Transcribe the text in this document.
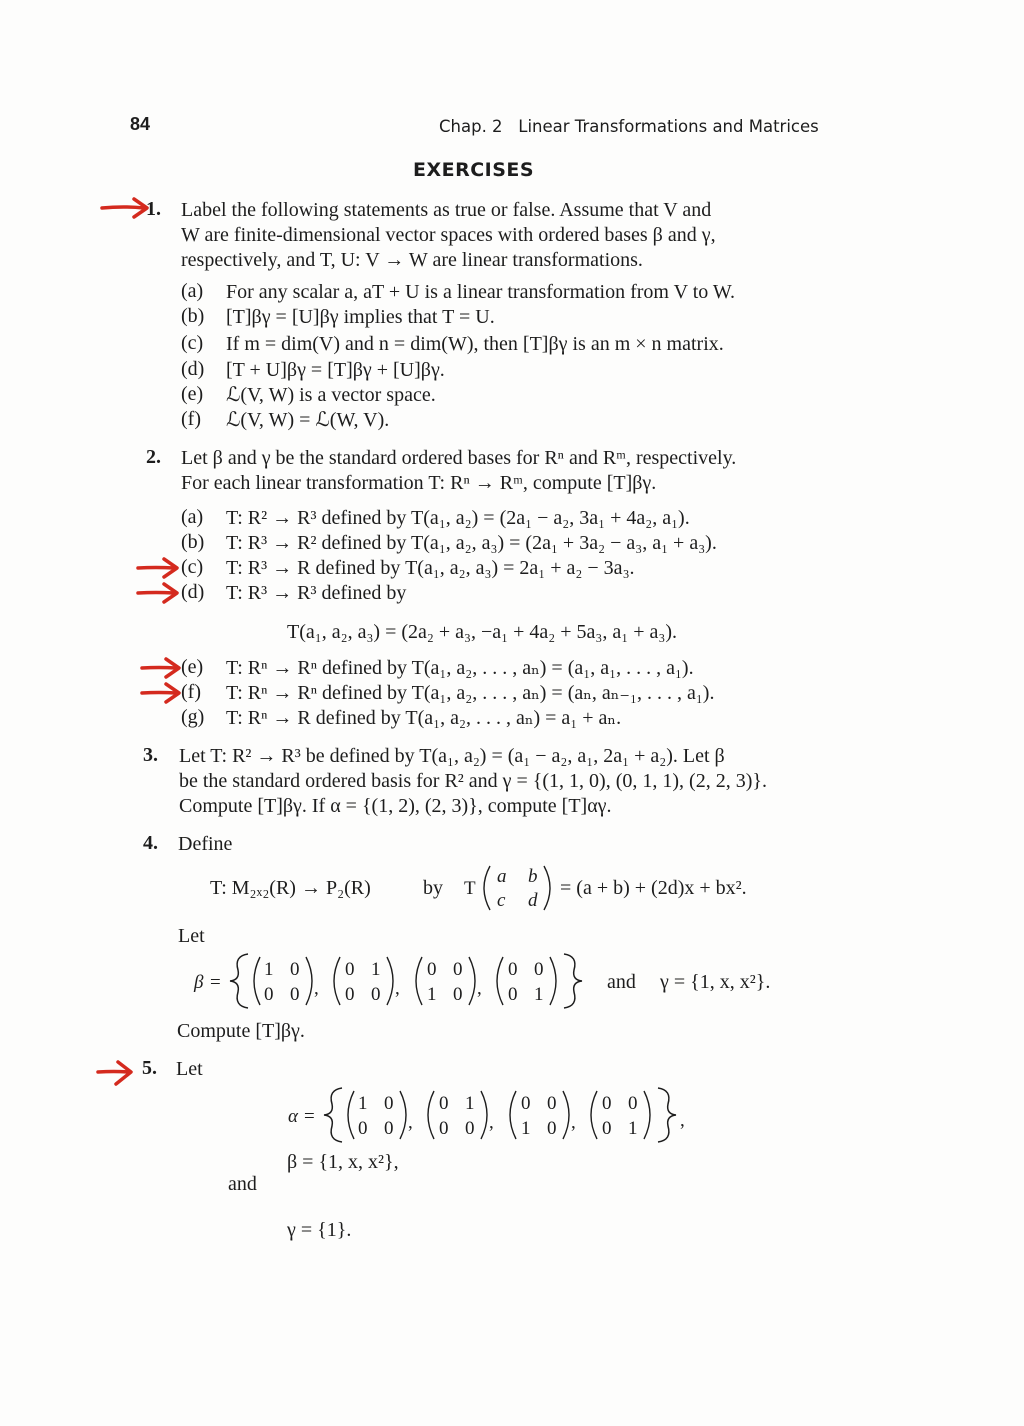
84	Chap. 2   Linear Transformations and Matrices
EXERCISES
1. Label the following statements as true or false. Assume that V and
W are finite-dimensional vector spaces with ordered bases β and γ,
respectively, and T, U: V → W are linear transformations.
(a) For any scalar a, aT + U is a linear transformation from V to W.
(b) [T]βγ = [U]βγ implies that T = U.
(c) If m = dim(V) and n = dim(W), then [T]βγ is an m × n matrix.
(d) [T + U]βγ = [T]βγ + [U]βγ.
(e) ℒ(V, W) is a vector space.
(f) ℒ(V, W) = ℒ(W, V).
2. Let β and γ be the standard ordered bases for Rⁿ and Rᵐ, respectively.
For each linear transformation T: Rⁿ → Rᵐ, compute [T]βγ.
(a) T: R² → R³ defined by T(a₁, a₂) = (2a₁ − a₂, 3a₁ + 4a₂, a₁).
(b) T: R³ → R² defined by T(a₁, a₂, a₃) = (2a₁ + 3a₂ − a₃, a₁ + a₃).
(c) T: R³ → R defined by T(a₁, a₂, a₃) = 2a₁ + a₂ − 3a₃.
(d) T: R³ → R³ defined by
T(a₁, a₂, a₃) = (2a₂ + a₃, −a₁ + 4a₂ + 5a₃, a₁ + a₃).
(e) T: Rⁿ → Rⁿ defined by T(a₁, a₂, . . . , aₙ) = (a₁, a₁, . . . , a₁).
(f) T: Rⁿ → Rⁿ defined by T(a₁, a₂, . . . , aₙ) = (aₙ, aₙ₋₁, . . . , a₁).
(g) T: Rⁿ → R defined by T(a₁, a₂, . . . , aₙ) = a₁ + aₙ.
3. Let T: R² → R³ be defined by T(a₁, a₂) = (a₁ − a₂, a₁, 2a₁ + a₂). Let β
be the standard ordered basis for R² and γ = {(1, 1, 0), (0, 1, 1), (2, 2, 3)}.
Compute [T]βγ. If α = {(1, 2), (2, 3)}, compute [T]αγ.
4. Define
T: M₂ₓ₂(R) → P₂(R)	by T
a b
c d
= (a + b) + (2d)x + bx².
Let
β =
1 0
0 0 ,
0 1
0 0 ,
0 0
1 0 ,
0 0
0 1
and γ = {1, x, x²}.
Compute [T]βγ.
5. Let
α =
1 0
0 0 ,
0 1
0 0 ,
0 0
1 0 ,
0 0
0 1 ,
β = {1, x, x²},
and
γ = {1}.
